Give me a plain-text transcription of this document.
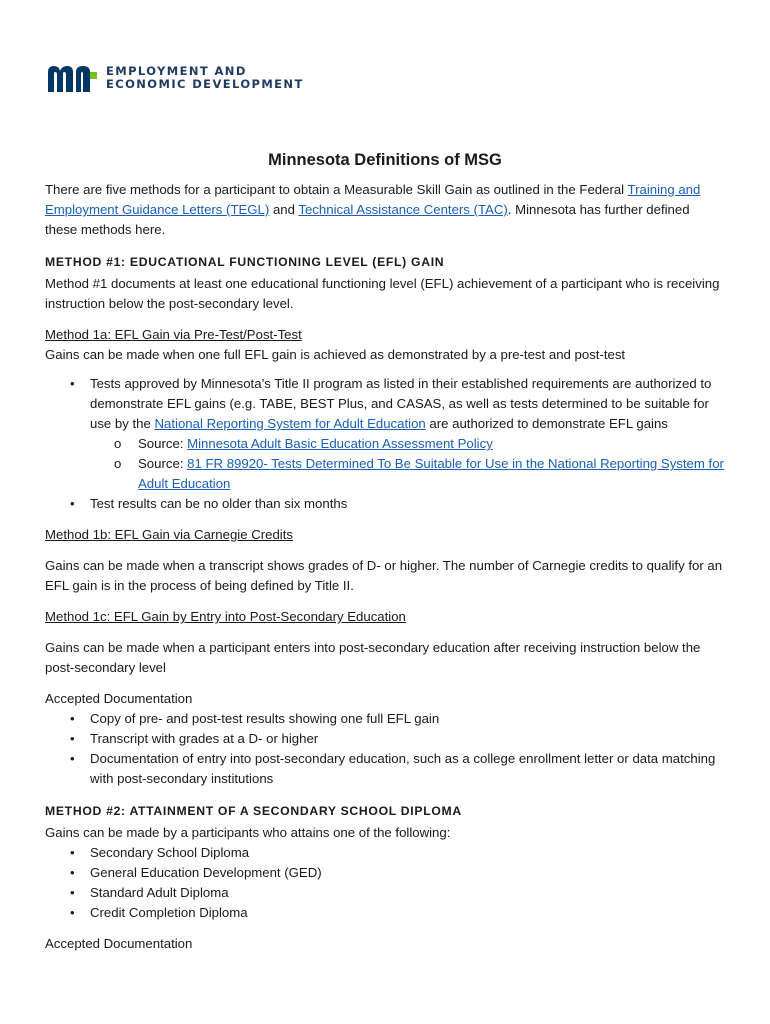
EMPLOYMENT AND
ECONOMIC DEVELOPMENT

Minnesota Definitions of MSG

There are five methods for a participant to obtain a Measurable Skill Gain as outlined in the Federal Training and Employment Guidance Letters (TEGL) and Technical Assistance Centers (TAC). Minnesota has further defined these methods here.

METHOD #1: EDUCATIONAL FUNCTIONING LEVEL (EFL) GAIN

Method #1 documents at least one educational functioning level (EFL) achievement of a participant who is receiving instruction below the post-secondary level.

Method 1a: EFL Gain via Pre-Test/Post-Test

Gains can be made when one full EFL gain is achieved as demonstrated by a pre-test and post-test

• Tests approved by Minnesota’s Title II program as listed in their established requirements are authorized to demonstrate EFL gains (e.g. TABE, BEST Plus, and CASAS, as well as tests determined to be suitable for use by the National Reporting System for Adult Education are authorized to demonstrate EFL gains
o Source: Minnesota Adult Basic Education Assessment Policy
o Source: 81 FR 89920- Tests Determined To Be Suitable for Use in the National Reporting System for Adult Education
• Test results can be no older than six months

Method 1b: EFL Gain via Carnegie Credits

Gains can be made when a transcript shows grades of D- or higher. The number of Carnegie credits to qualify for an EFL gain is in the process of being defined by Title II.

Method 1c: EFL Gain by Entry into Post-Secondary Education

Gains can be made when a participant enters into post-secondary education after receiving instruction below the post-secondary level

Accepted Documentation

• Copy of pre- and post-test results showing one full EFL gain
• Transcript with grades at a D- or higher
• Documentation of entry into post-secondary education, such as a college enrollment letter or data matching with post-secondary institutions

METHOD #2: ATTAINMENT OF A SECONDARY SCHOOL DIPLOMA

Gains can be made by a participants who attains one of the following:

• Secondary School Diploma
• General Education Development (GED)
• Standard Adult Diploma
• Credit Completion Diploma

Accepted Documentation
